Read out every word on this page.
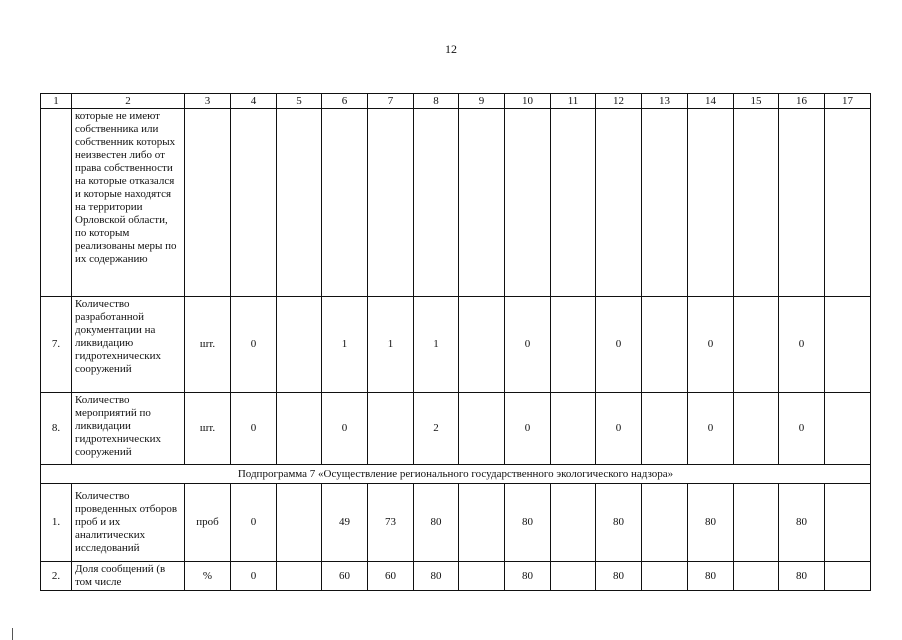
12
1	2	3	4	5	6	7	8	9	10	11	12	13	14	15	16	17
	которые не имеют собственника или собственник которых неизвестен либо от права собственности на которые отказался и которые находятся на территории Орловской области, по которым реализованы меры по их содержанию															
7.	Количество разработанной документации на ликвидацию гидротехнических сооружений	шт.	0		1	1	1		0		0		0		0	
8.	Количество мероприятий по ликвидации гидротехнических сооружений	шт.	0		0		2		0		0		0		0	
Подпрограмма 7 «Осуществление регионального государственного экологического надзора»																
1.	Количество проведенных отборов проб и их аналитических исследований	проб	0		49	73	80		80		80		80		80	
2.	Доля сообщений (в том числе	%	0		60	60	80		80		80		80		80	
